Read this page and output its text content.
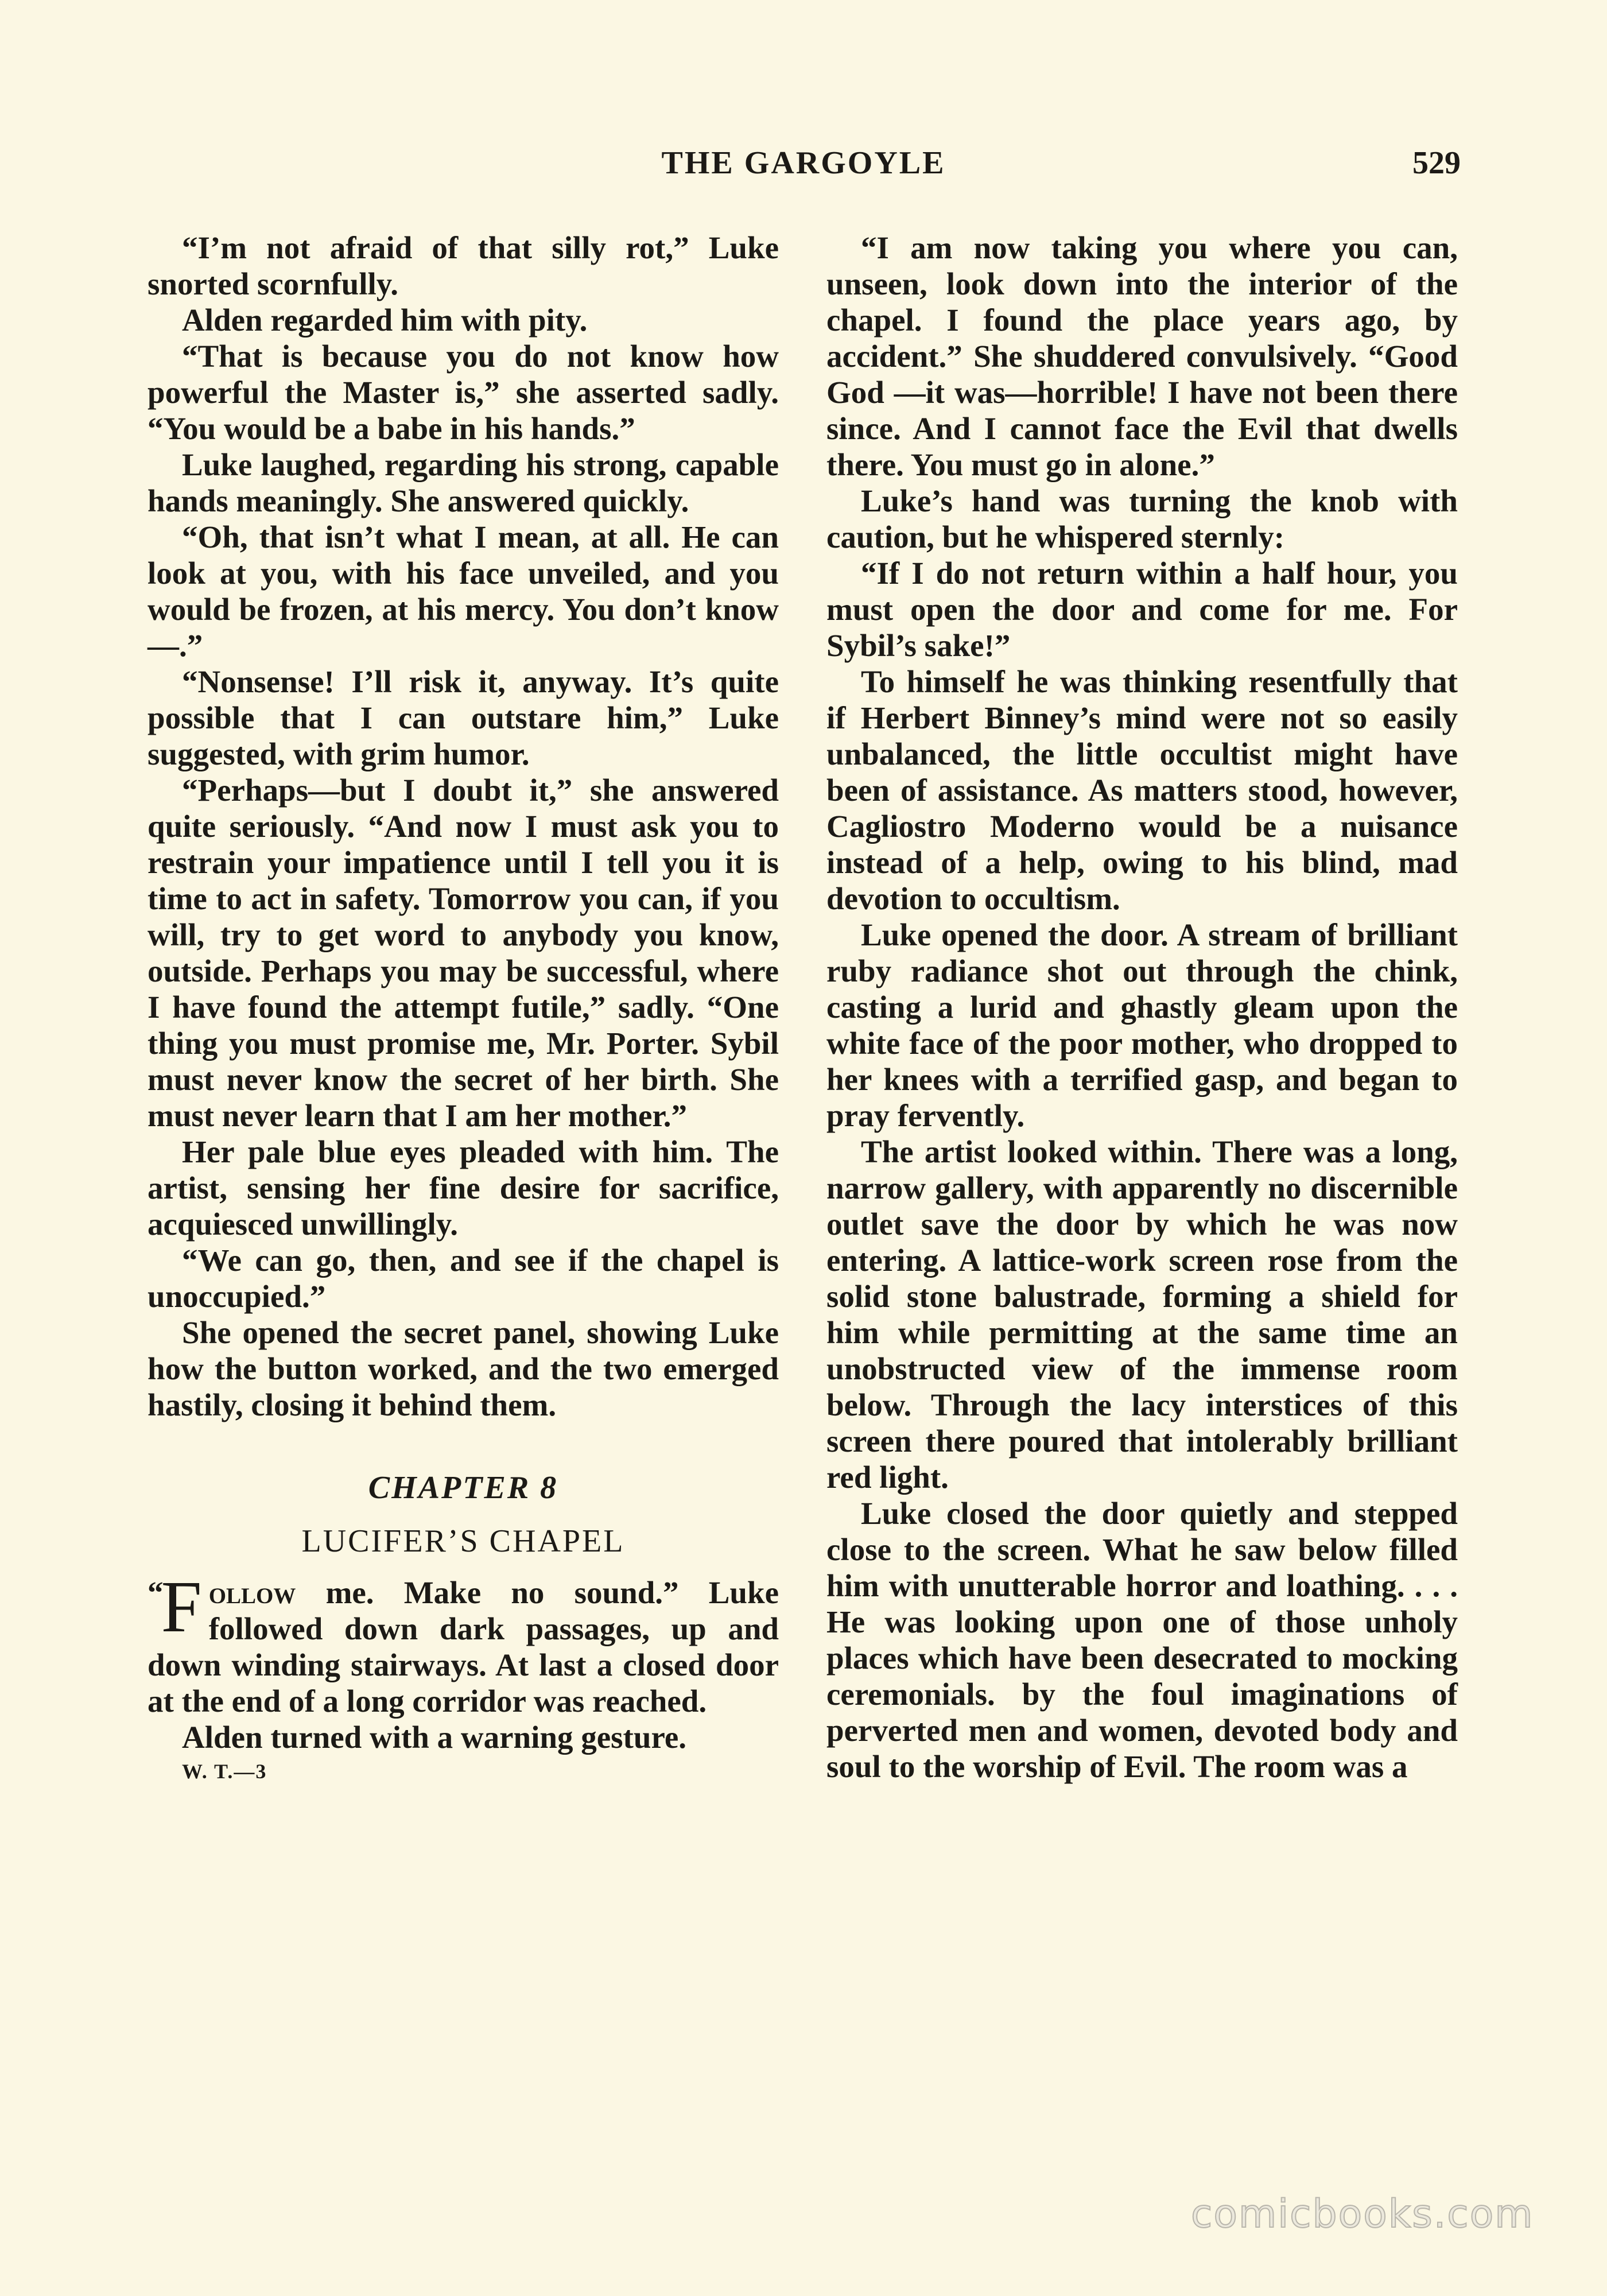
THE GARGOYLE	529

“I’m not afraid of that silly rot,” Luke snorted scornfully.

Alden regarded him with pity.

“That is because you do not know how powerful the Master is,” she asserted sadly. “You would be a babe in his hands.”

Luke laughed, regarding his strong, capable hands meaningly. She answered quickly.

“Oh, that isn’t what I mean, at all. He can look at you, with his face unveiled, and you would be frozen, at his mercy. You don’t know—.”

“Nonsense! I’ll risk it, anyway. It’s quite possible that I can outstare him,” Luke suggested, with grim humor.

“Perhaps—but I doubt it,” she answered quite seriously. “And now I must ask you to restrain your impatience until I tell you it is time to act in safety. Tomorrow you can, if you will, try to get word to anybody you know, outside. Perhaps you may be successful, where I have found the attempt futile,” sadly. “One thing you must promise me, Mr. Porter. Sybil must never know the secret of her birth. She must never learn that I am her mother.”

Her pale blue eyes pleaded with him. The artist, sensing her fine desire for sacrifice, acquiesced unwillingly.

“We can go, then, and see if the chapel is unoccupied.”

She opened the secret panel, showing Luke how the button worked, and the two emerged hastily, closing it behind them.

CHAPTER 8
LUCIFER’S CHAPEL

“
F ollow me. Make no sound.” Luke followed down dark passages, up and down winding stairways. At last a closed door at the end of a long corridor was reached.

Alden turned with a warning gesture.

W. T.—3

“I am now taking you where you can, unseen, look down into the interior of the chapel. I found the place years ago, by accident.” She shuddered convulsively. “Good God —it was—horrible! I have not been there since. And I cannot face the Evil that dwells there. You must go in alone.”

Luke’s hand was turning the knob with caution, but he whispered sternly:

“If I do not return within a half hour, you must open the door and come for me. For Sybil’s sake!”

To himself he was thinking resentfully that if Herbert Binney’s mind were not so easily unbalanced, the little occultist might have been of assistance. As matters stood, however, Cagliostro Moderno would be a nuisance instead of a help, owing to his blind, mad devotion to occultism.

Luke opened the door. A stream of brilliant ruby radiance shot out through the chink, casting a lurid and ghastly gleam upon the white face of the poor mother, who dropped to her knees with a terrified gasp, and began to pray fervently.

The artist looked within. There was a long, narrow gallery, with apparently no discernible outlet save the door by which he was now entering. A lattice-work screen rose from the solid stone balustrade, forming a shield for him while permitting at the same time an unobstructed view of the immense room below. Through the lacy interstices of this screen there poured that intolerably brilliant red light.

Luke closed the door quietly and stepped close to the screen. What he saw below filled him with unutterable horror and loathing. . . . He was looking upon one of those unholy places which have been desecrated to mocking ceremonials. by the foul imaginations of perverted men and women, devoted body and soul to the worship of Evil. The room was a

comicbooks.com
